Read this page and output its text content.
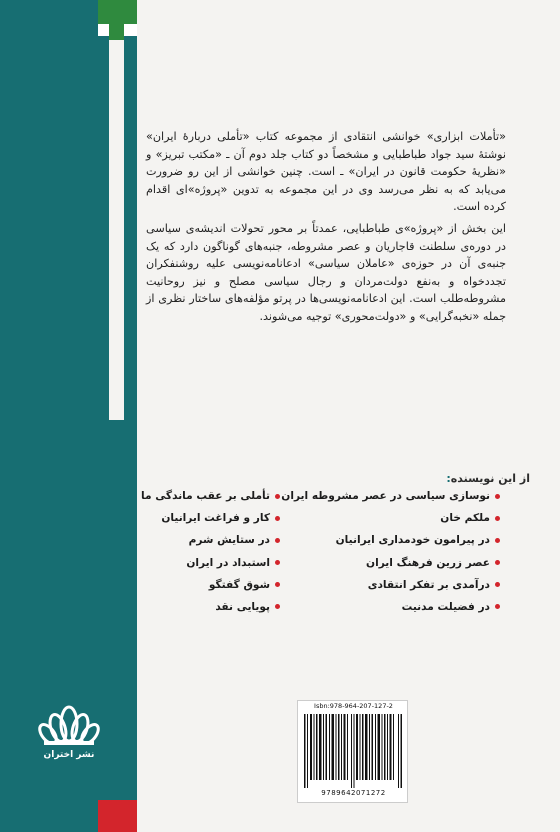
«تأملات ابزاری» خوانشی انتقادی از مجموعه کتاب «تأملی دربارهٔ ایران» نوشتهٔ سید جواد طباطبایی و مشخصاً دو کتاب جلد دوم آن ـ «مکتب تبریز» و «نظریهٔ حکومت قانون در ایران» ـ است. چنین خوانشی از این رو ضرورت می‌یابد که به نظر می‌رسد وی در این مجموعه به تدوین «پروژه»‌ای اقدام کرده است.

این بخش از «پروژه»ی طباطبایی، عمدتاً بر محور تحولات اندیشه‌ی سیاسی در دوره‌ی سلطنت قاجاریان و عصر مشروطه، جنبه‌های گوناگون دارد که یک جنبه‌ی آن در حوزه‌ی «عاملان سیاسی» ادعانامه‌نویسی علیه روشنفکران تجددخواه و به‌نفع دولت‌مردان و رجال سیاسی مصلح و نیز روحانیت مشروطه‌طلب است. این ادعانامه‌نویسی‌ها در پرتو مؤلفه‌های ساختار نظری از جمله «نخبه‌گرایی» و «دولت‌محوری» توجیه می‌شوند.

از این نویسنده:
نوسازی سیاسی در عصر مشروطه ایران
ملکم خان
در پیرامون خودمداری ایرانیان
عصر زرین فرهنگ ایران
درآمدی بر تفکر انتقادی
در فضیلت مدنیت
تأملی بر عقب ماندگی ما
کار و فراغت ایرانیان
در ستایش شرم
استبداد در ایران
شوق گفتگو
پویایی نقد
Isbn:978-964-207-127-2
9789642071272
نشر اختران
